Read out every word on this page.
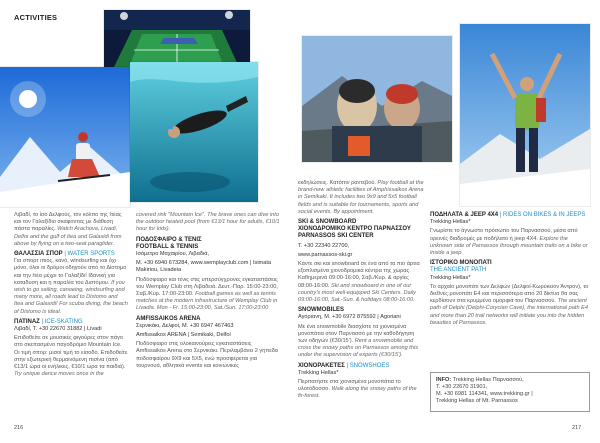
ACTIVITIES

Λιβαδί, το ίσο Δελφούς, τον κόλπο της Ιτέας και τον Γαλαξίδιο σκάφοντας με διάθεση πάστα παραλίες. Watch Arachova, Livadi, Delfoi and the gulf of Itea and Galaxidi from above by flying on a two-seat paraglider.

ΘΑΛΑΣΣΙΑ ΣΠΟΡ | WATER SPORTS

Για σπορτ ιπιός, κανό, windsurfing και όχι μόνο, όλοι οι δρόμοι οδηγούν από το Δίστομο και την Ιτέα μέχρι το Γαλαξίδι! Ιδανική για καταδυση και η παραλία του Διστόμου. If you wish to go sailing, canoeing, windsurfing and many more, all roads lead to Distomo and Itea and Galaxidi! For scuba diving, the beach of Distomo is ideal.

ΠΑΤΙΝΑΖ | ICE-SKATING

Λιβαδί, Τ. +30 22670 31882 | Livadi

Επιδοθείτε σε μουσικές φιγούρες στον πάγο στο σκεπασμένο παγοδρόμιο Mountain Ice. Οι τιμή σπορ: μισοί τιμή το είσοδο. Επιδοθείτε στην εξωτερική θερμαινόμενη πισίνα (από €13/1 ώρα οι ενήλικες, €10/1 ώρα τα παιδιά). Try unique dance moves once in the

covered rink "Mountain Ice". The brave ones can dive into the outdoor heated pool (from €13/1 hour for adults, €10/1 hour for kids).

ΠΟΔΟΣΦΑΙΡΟ & ΤΕΝΙΣ
FOOTBALL & TENNIS

Ισόμετρο Μαχαιρίου, Λιβαδιά,

Μ. +30 6940 673284, www.wemplayclub.com | Isimata Makiriou, Livadeia

Ποδόσφαιρο και τένις στις υπερσύγχρονες εγκαταστάσεις του Wemplay Club στη Λιβαδειά. Δευτ.-Παρ. 15:00-23:00, Σαβ./Κυρ. 17:00-23:00. Football games as well as tennis matches at the modern infrastructure of Wemplay Club in Livadia. Mon - Fr. 15:00-23:00, Sat./Sun. 17:00-23:00

AMFISSAIKOS ARENA

Σερνικάκι, Δελφοί, Μ. +30 6947 467463

Amfissaikos ARENA | Semikaki, Delfoi

Ποδόσφαιρο στις ολοκαινούριες εγκαταστάσεις Amfissaikos Arena στο Σερνικάκι. Περιλαμβάνει 2 γήπεδα ποδοσφαίρου 9X9 και 5X5, ενώ προσφέρεται για τουρνουά, αθλητικά events και κοινωνικές

εκδηλώσεις. Κατόπιν ραντεβού. Play football at the brand-new athletic facilities of Amphissaikos Arena in Semikaki. It includes two 9x9 and 5x5 football fields and is suitable for tournaments, sports and social events. By appointment.

SKI & SNOWBOARD

ΧΙΟΝΟΔΡΟΜΙΚΟ ΚΕΝΤΡΟ ΠΑΡΝΑΣΣΟΥ PARNASSOS SKI CENTER

Τ. +30 22340 22700,

www.parnassos-ski.gr

Κάντε σκι και snowboard σε ένα από τα πιο άρτια εξοπλισμένα χιονοδρομικά κέντρα της χώρας. Καθημερινά 09:00-16:00, Σαβ./Κυρ. & αργίες 08:00-16:00. Ski and snowboard in one of our country's most well-equipped Ski Centers. Daily 09:00-16:00, Sat.-Sun. & holidays 08:00-16:00.

SNOWMOBILES

Αγόριανη, Μ. +30 6972 875592 | Agoriani

Με ένα snowmobile διασχίστε τα χιονισμένα μονοπάτια στον Παρνασσό με την καθοδήγηση των οδηγών (€30/15'). Rent a snowmobile and cross the snowy paths on Parnassos among this under the supervision of experts (€30/15').

ΧΙΟΝΟΡΑΚΕΤΕΣ | SNOWSHOES

Trekking Hellas*

Περπατήστε στα χιονισμένα μονοπάτια το υλοτόδοσσο. Walk along the snowy paths of the fir-forest.

ΠΟΔΗΛΑΤΑ & JEEP 4X4 | RIDES ON BIKES & IN JEEPS

Trekking Hellas*

Γνωρίστε το άγνωστο πρόσωπο του Παρνασσού, μέσα από ορεινές διαδρομές με ποδήλατο ή jeep 4X4. Explore the unknown side of Parnassos through mountain trails on a bike or inside a jeep.

ΙΣΤΟΡΙΚΟ ΜΟΝΟΠΑΤΙ
THE ANCIENT PATH

Trekking Hellas*

Το αρχαίο μονοπάτι των Δελφών (Δελφοί-Κωρύκειον Άντρον), το διεθνές μονοπάτι E4 και περισσότερα από 20 δίκτυα θα σας κερδίσουν στα κρυμμένα ομορφιά του Παρνασσού. The ancient path of Delphi (Delphi-Corycian Cave), the international path E4 and more than 20 trail networks will initiate you into the hidden beauties of Parnassos.

INFO: Trekking Hellas Παρνασσού,
Τ. +30 22670 31901,
Μ. +30 6981 114341, www.trekking.gr |
Trekking Hellas of Mt. Parnassos
216	217
